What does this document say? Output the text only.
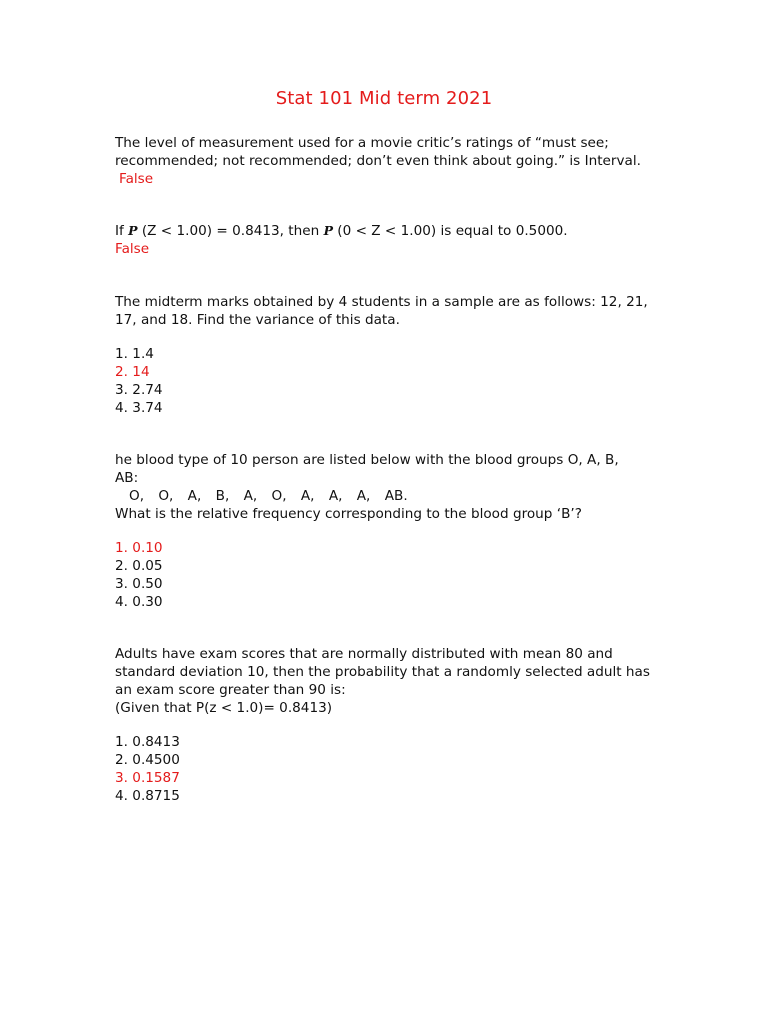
Stat 101 Mid term 2021
The level of measurement used for a movie critic’s ratings of “must see;
recommended; not recommended; don’t even think about going.” is Interval.
False
If P (Z < 1.00) = 0.8413, then P (0 < Z < 1.00) is equal to 0.5000.
False
The midterm marks obtained by 4 students in a sample are as follows: 12, 21,
17, and 18. Find the variance of this data.
1. 1.4
2. 14
3. 2.74
4. 3.74
he blood type of 10 person are listed below with the blood groups O, A, B,
AB:
O, O, A, B, A, O, A, A, A, AB.
What is the relative frequency corresponding to the blood group ‘B’?
1. 0.10
2. 0.05
3. 0.50
4. 0.30
Adults have exam scores that are normally distributed with mean 80 and
standard deviation 10, then the probability that a randomly selected adult has
an exam score greater than 90 is:
(Given that P(z < 1.0)= 0.8413)
1. 0.8413
2. 0.4500
3. 0.1587
4. 0.8715
